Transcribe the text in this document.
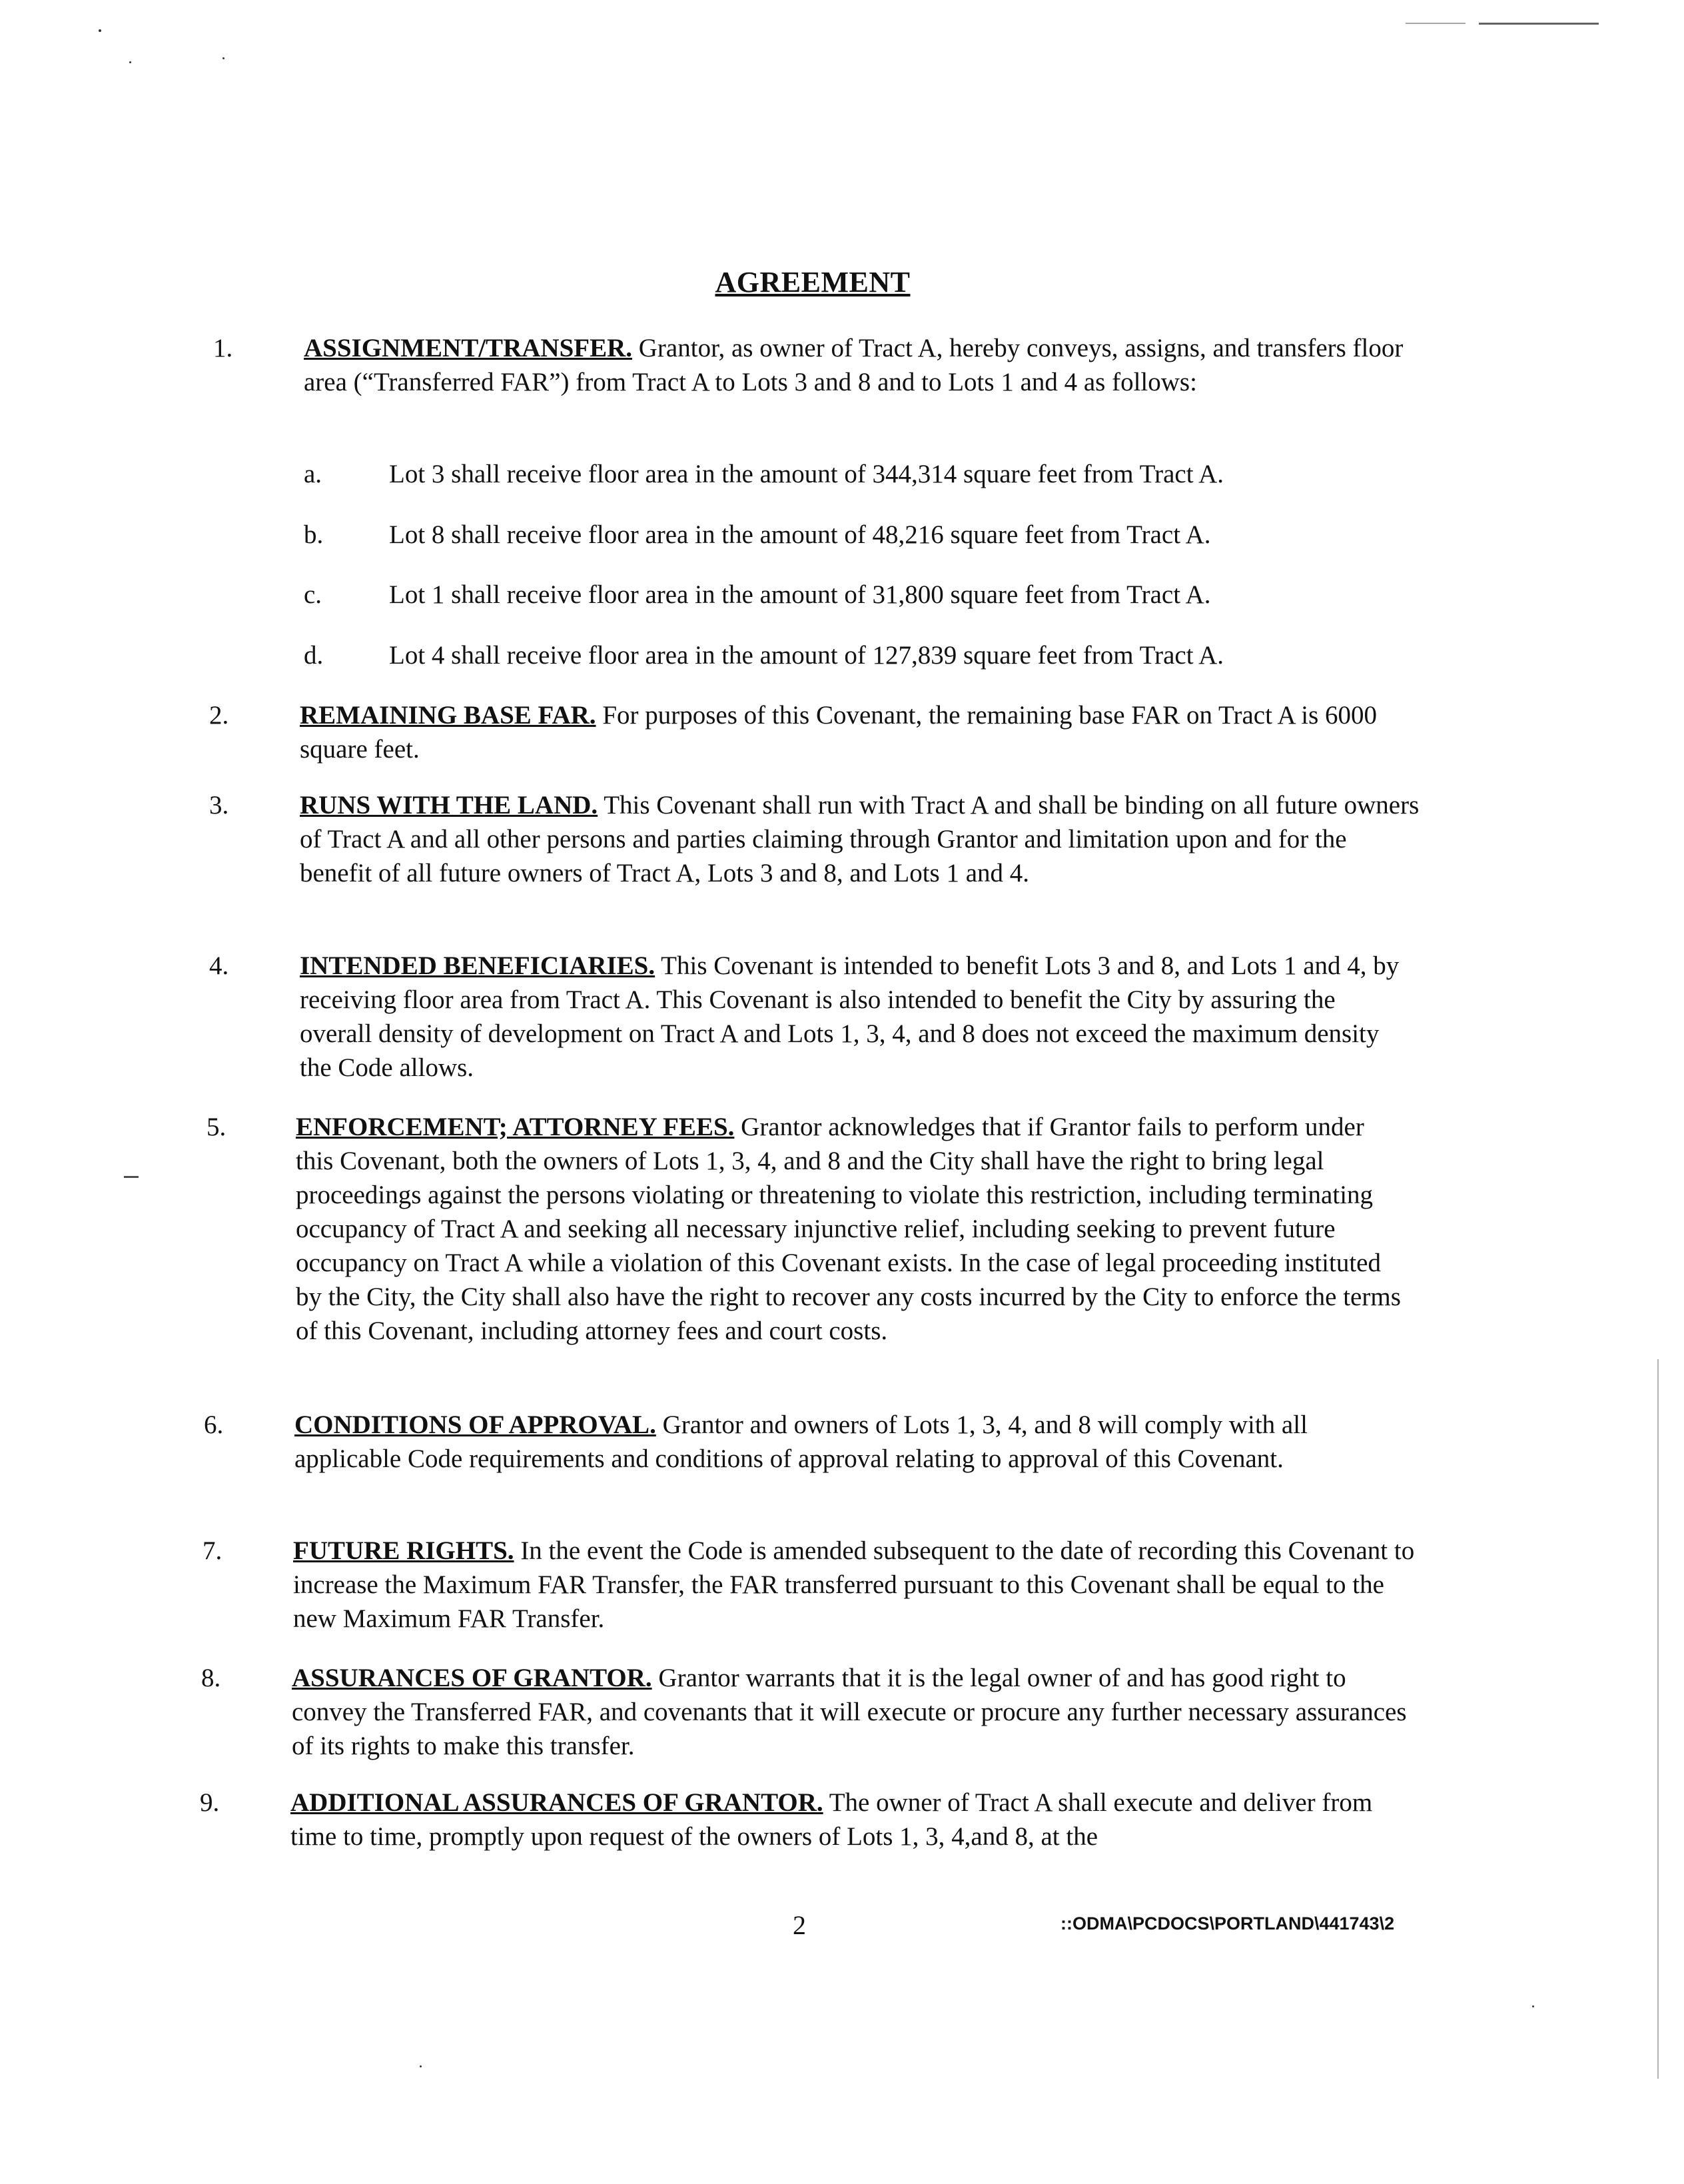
AGREEMENT
1.	ASSIGNMENT/TRANSFER. Grantor, as owner of Tract A, hereby conveys, assigns, and transfers floor area (“Transferred FAR”) from Tract A to Lots 3 and 8 and to Lots 1 and 4 as follows:
a.	Lot 3 shall receive floor area in the amount of 344,314 square feet from Tract A.
b.	Lot 8 shall receive floor area in the amount of 48,216 square feet from Tract A.
c.	Lot 1 shall receive floor area in the amount of 31,800 square feet from Tract A.
d.	Lot 4 shall receive floor area in the amount of 127,839 square feet from Tract A.
2.	REMAINING BASE FAR. For purposes of this Covenant, the remaining base FAR on Tract A is 6000 square feet.
3.	RUNS WITH THE LAND. This Covenant shall run with Tract A and shall be binding on all future owners of Tract A and all other persons and parties claiming through Grantor and limitation upon and for the benefit of all future owners of Tract A, Lots 3 and 8, and Lots 1 and 4.
4.	INTENDED BENEFICIARIES. This Covenant is intended to benefit Lots 3 and 8, and Lots 1 and 4, by receiving floor area from Tract A. This Covenant is also intended to benefit the City by assuring the overall density of development on Tract A and Lots 1, 3, 4, and 8 does not exceed the maximum density the Code allows.
5.	ENFORCEMENT; ATTORNEY FEES. Grantor acknowledges that if Grantor fails to perform under this Covenant, both the owners of Lots 1, 3, 4, and 8 and the City shall have the right to bring legal proceedings against the persons violating or threatening to violate this restriction, including terminating occupancy of Tract A and seeking all necessary injunctive relief, including seeking to prevent future occupancy on Tract A while a violation of this Covenant exists. In the case of legal proceeding instituted by the City, the City shall also have the right to recover any costs incurred by the City to enforce the terms of this Covenant, including attorney fees and court costs.
6.	CONDITIONS OF APPROVAL. Grantor and owners of Lots 1, 3, 4, and 8 will comply with all applicable Code requirements and conditions of approval relating to approval of this Covenant.
7.	FUTURE RIGHTS. In the event the Code is amended subsequent to the date of recording this Covenant to increase the Maximum FAR Transfer, the FAR transferred pursuant to this Covenant shall be equal to the new Maximum FAR Transfer.
8.	ASSURANCES OF GRANTOR. Grantor warrants that it is the legal owner of and has good right to convey the Transferred FAR, and covenants that it will execute or procure any further necessary assurances of its rights to make this transfer.
9.	ADDITIONAL ASSURANCES OF GRANTOR. The owner of Tract A shall execute and deliver from time to time, promptly upon request of the owners of Lots 1, 3, 4,and 8, at the
2	::ODMA\PCDOCS\PORTLAND\441743\2
